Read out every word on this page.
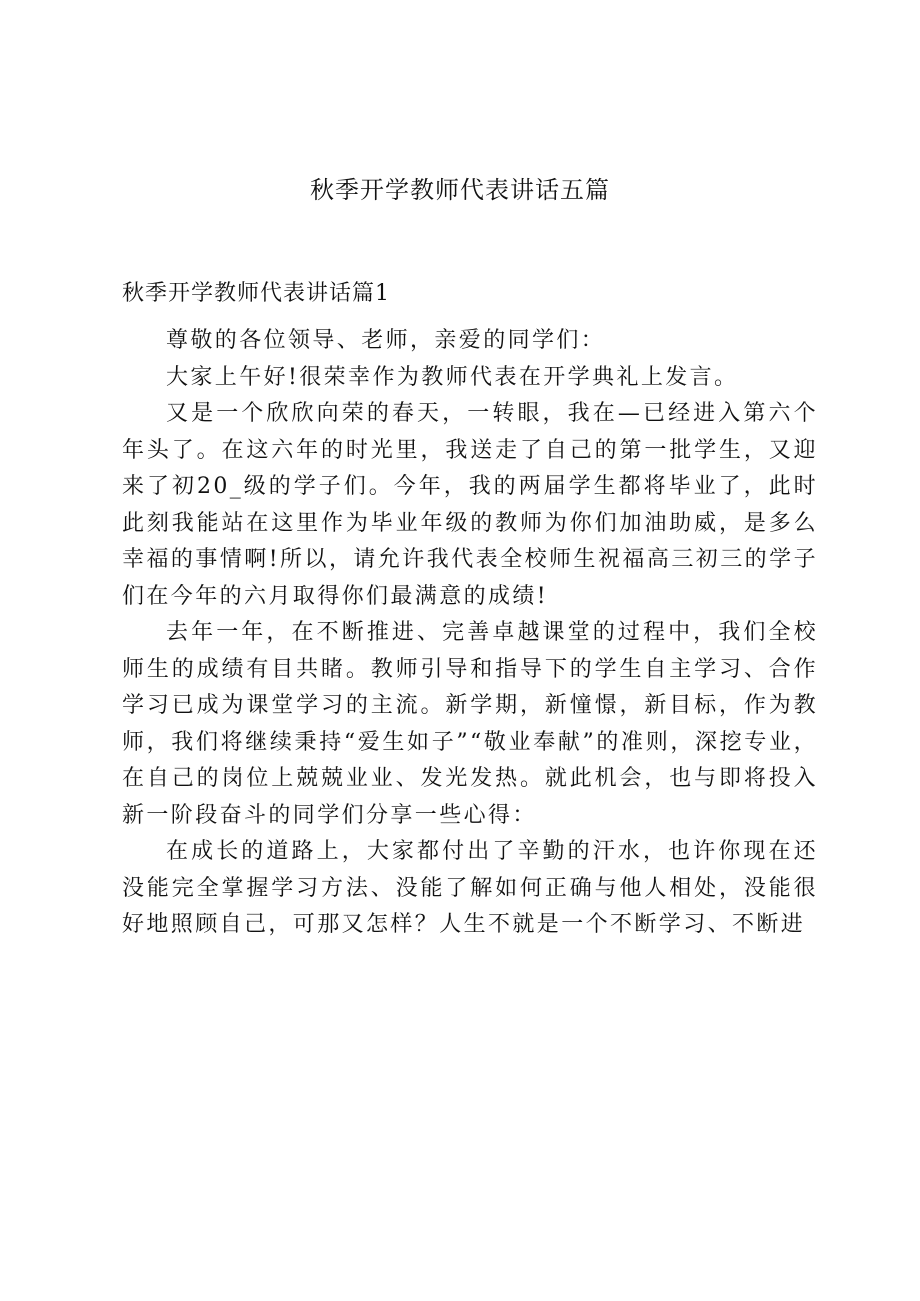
秋季开学教师代表讲话五篇
秋季开学教师代表讲话篇1

尊敬的各位领导、老师，亲爱的同学们：

大家上午好!很荣幸作为教师代表在开学典礼上发言。

又是一个欣欣向荣的春天，一转眼，我在—已经进入第六个年头了。在这六年的时光里，我送走了自己的第一批学生，又迎来了初20_级的学子们。今年，我的两届学生都将毕业了，此时此刻我能站在这里作为毕业年级的教师为你们加油助威，是多么幸福的事情啊!所以，请允许我代表全校师生祝福高三初三的学子们在今年的六月取得你们最满意的成绩!

去年一年，在不断推进、完善卓越课堂的过程中，我们全校师生的成绩有目共睹。教师引导和指导下的学生自主学习、合作学习已成为课堂学习的主流。新学期，新憧憬，新目标，作为教师，我们将继续秉持“爱生如子”“敬业奉献”的准则，深挖专业，在自己的岗位上兢兢业业、发光发热。就此机会，也与即将投入新一阶段奋斗的同学们分享一些心得：

在成长的道路上，大家都付出了辛勤的汗水，也许你现在还没能完全掌握学习方法、没能了解如何正确与他人相处，没能很好地照顾自己，可那又怎样？人生不就是一个不断学习、不断进
